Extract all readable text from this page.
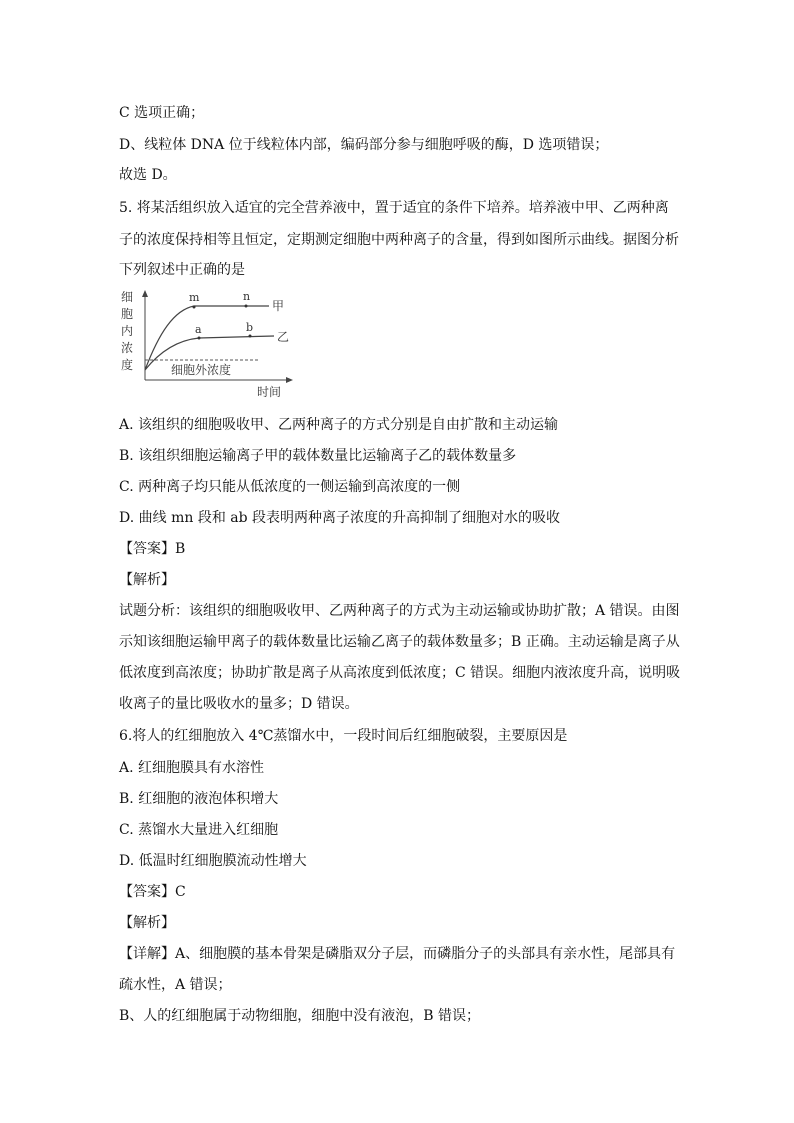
C 选项正确；
D、线粒体 DNA 位于线粒体内部，编码部分参与细胞呼吸的酶，D 选项错误；
故选 D。
5. 将某活组织放入适宜的完全营养液中，置于适宜的条件下培养。培养液中甲、乙两种离
子的浓度保持相等且恒定，定期测定细胞中两种离子的含量，得到如图所示曲线。据图分析
下列叙述中正确的是
细
胞
内
浓
度	细胞外浓度
m	n
a	b
甲
乙
时间
A. 该组织的细胞吸收甲、乙两种离子的方式分别是自由扩散和主动运输
B. 该组织细胞运输离子甲的载体数量比运输离子乙的载体数量多
C. 两种离子均只能从低浓度的一侧运输到高浓度的一侧
D. 曲线 mn 段和 ab 段表明两种离子浓度的升高抑制了细胞对水的吸收
【答案】B
【解析】
试题分析：该组织的细胞吸收甲、乙两种离子的方式为主动运输或协助扩散；A 错误。由图
示知该细胞运输甲离子的载体数量比运输乙离子的载体数量多；B 正确。主动运输是离子从
低浓度到高浓度；协助扩散是离子从高浓度到低浓度；C 错误。细胞内液浓度升高，说明吸
收离子的量比吸收水的量多；D 错误。
6.将人的红细胞放入 4℃蒸馏水中，一段时间后红细胞破裂，主要原因是
A. 红细胞膜具有水溶性
B. 红细胞的液泡体积增大
C. 蒸馏水大量进入红细胞
D. 低温时红细胞膜流动性增大
【答案】C
【解析】
【详解】A、细胞膜的基本骨架是磷脂双分子层，而磷脂分子的头部具有亲水性，尾部具有
疏水性，A 错误；
B、人的红细胞属于动物细胞，细胞中没有液泡，B 错误；
